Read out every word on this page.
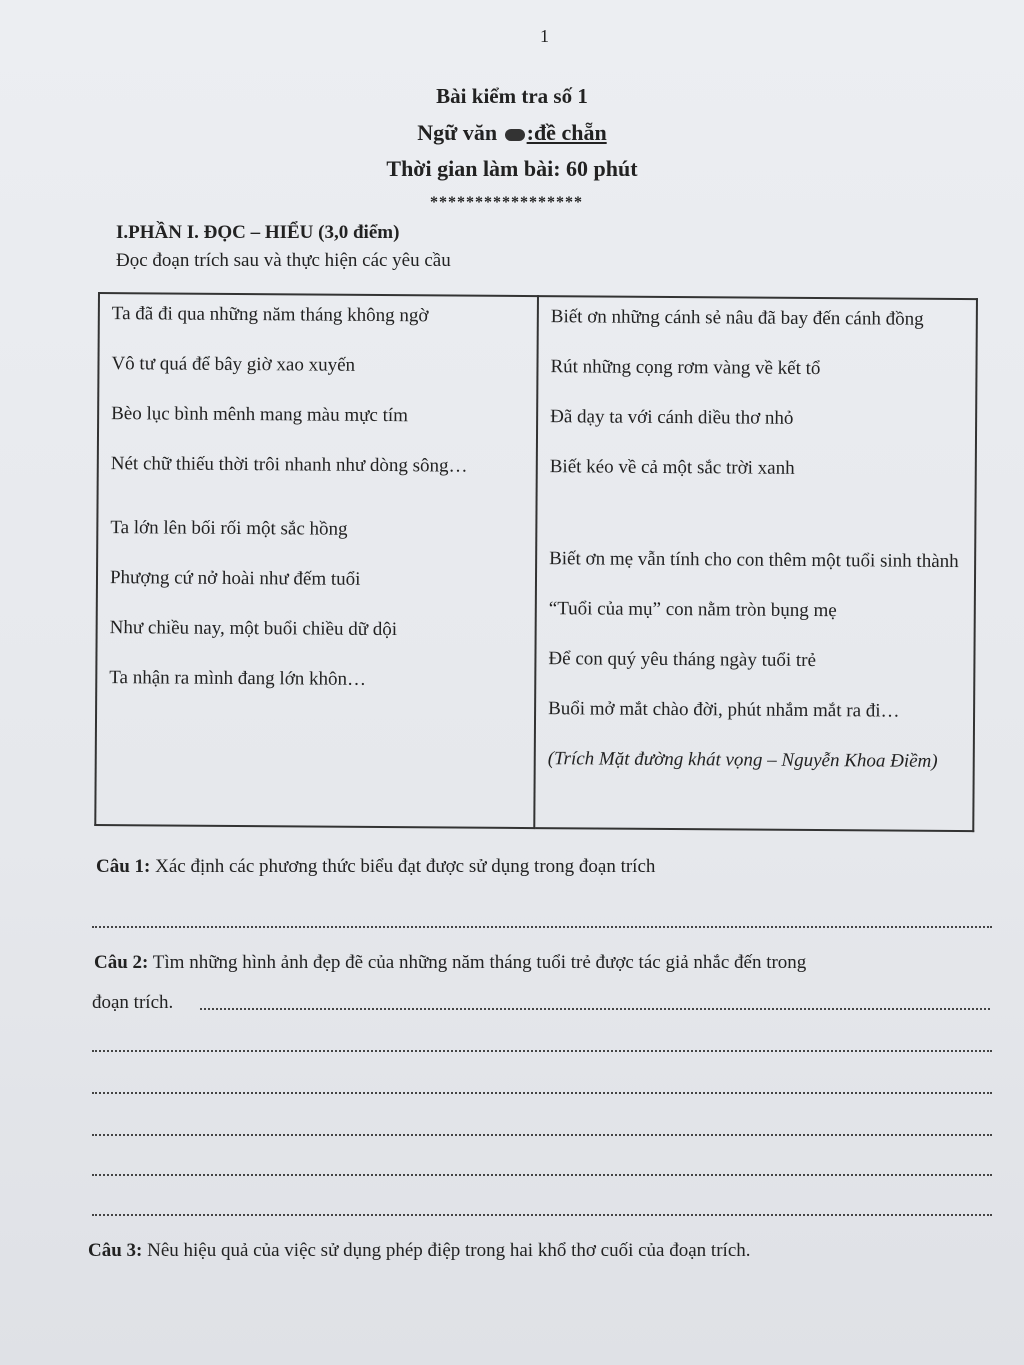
1
Bài kiểm tra số 1
Ngữ văn :đề chẵn
Thời gian làm bài: 60 phút
*****************
I.PHẦN I. ĐỌC – HIỂU (3,0 điểm)
Đọc đoạn trích sau và thực hiện các yêu cầu

Ta đã đi qua những năm tháng không ngờ

Vô tư quá để bây giờ xao xuyến

Bèo lục bình mênh mang màu mực tím

Nét chữ thiếu thời trôi nhanh như dòng sông…

Ta lớn lên bối rối một sắc hồng

Phượng cứ nở hoài như đếm tuổi

Như chiều nay, một buổi chiều dữ dội

Ta nhận ra mình đang lớn khôn…

Biết ơn những cánh sẻ nâu đã bay đến cánh đồng

Rút những cọng rơm vàng về kết tổ

Đã dạy ta với cánh diều thơ nhỏ

Biết kéo về cả một sắc trời xanh

Biết ơn mẹ vẫn tính cho con thêm một tuổi sinh thành

“Tuổi của mụ” con nằm tròn bụng mẹ

Để con quý yêu tháng ngày tuổi trẻ

Buổi mở mắt chào đời, phút nhắm mắt ra đi…

(Trích Mặt đường khát vọng – Nguyễn Khoa Điềm)

Câu 1: Xác định các phương thức biểu đạt được sử dụng trong đoạn trích
Câu 2: Tìm những hình ảnh đẹp đẽ của những năm tháng tuổi trẻ được tác giả nhắc đến trong
đoạn trích.
Câu 3: Nêu hiệu quả của việc sử dụng phép điệp trong hai khổ thơ cuối của đoạn trích.
